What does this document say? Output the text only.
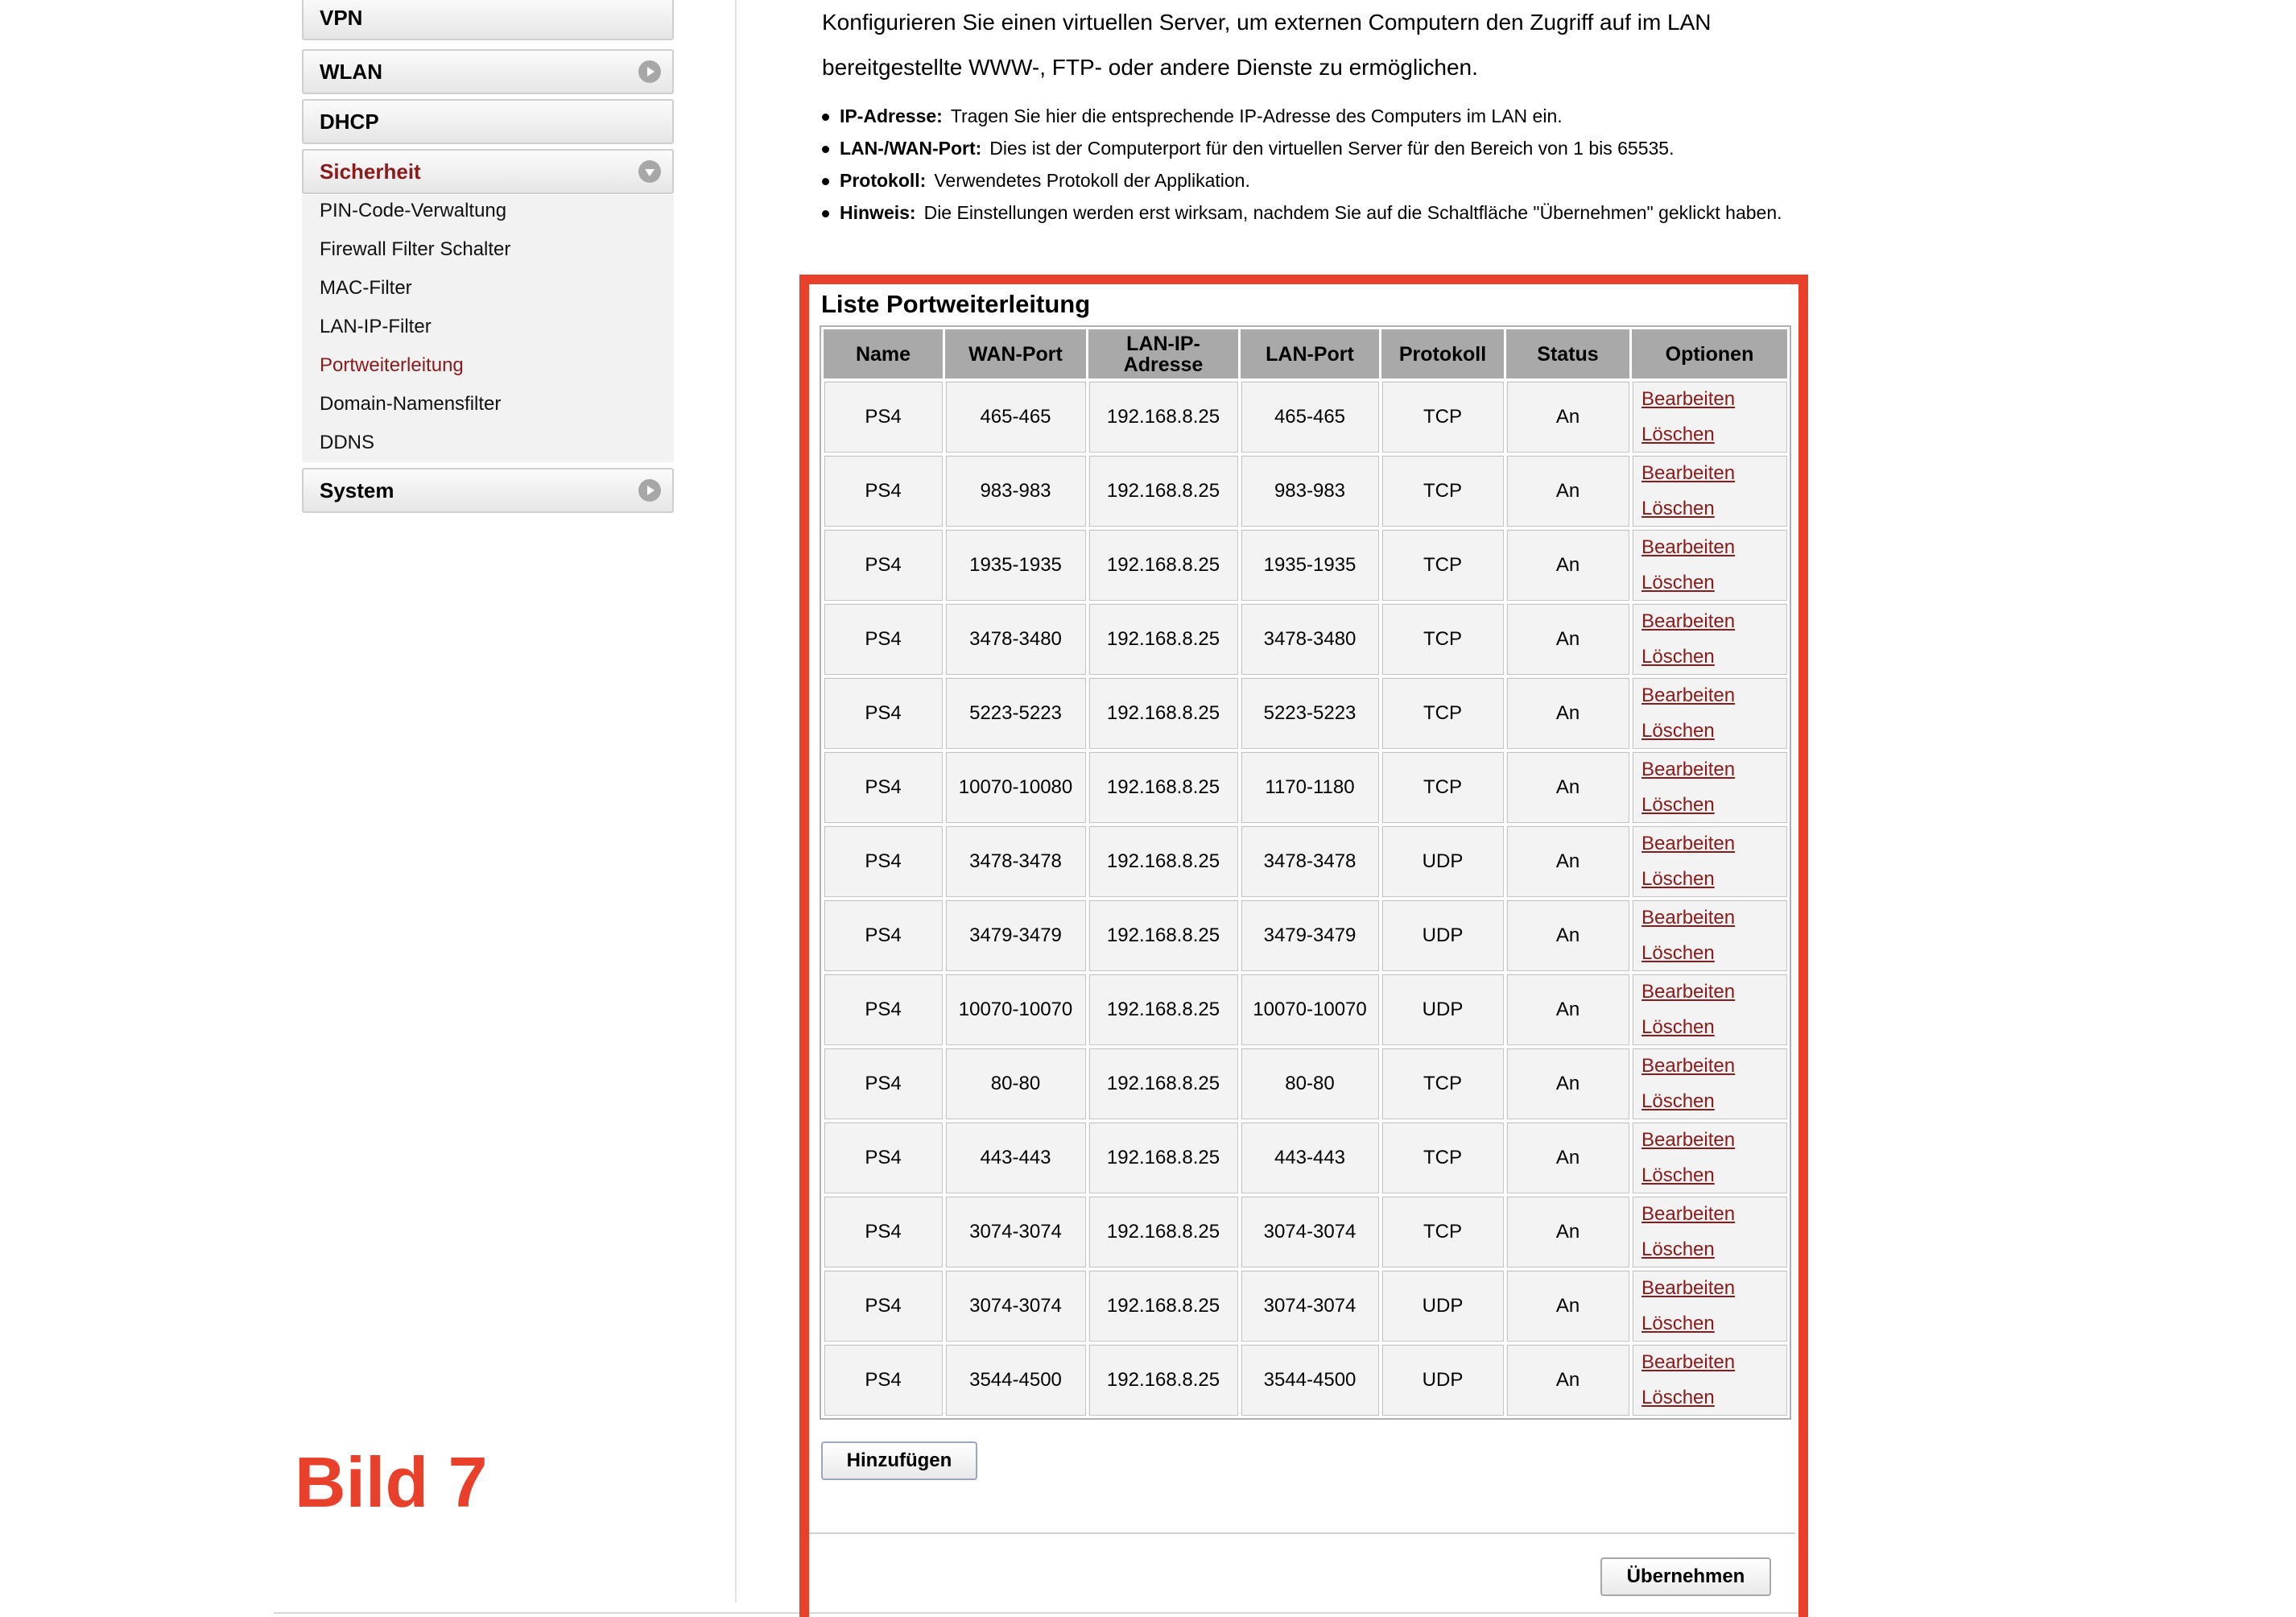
VPN
WLAN
DHCP
Sicherheit
PIN-Code-Verwaltung
Firewall Filter Schalter
MAC-Filter
LAN-IP-Filter
Portweiterleitung
Domain-Namensfilter
DDNS
System
Bild 7
Konfigurieren Sie einen virtuellen Server, um externen Computern den Zugriff auf im LAN
bereitgestellte WWW-, FTP- oder andere Dienste zu ermöglichen.
IP-Adresse: Tragen Sie hier die entsprechende IP-Adresse des Computers im LAN ein.
LAN-/WAN-Port: Dies ist der Computerport für den virtuellen Server für den Bereich von 1 bis 65535.
Protokoll: Verwendetes Protokoll der Applikation.
Hinweis: Die Einstellungen werden erst wirksam, nachdem Sie auf die Schaltfläche "Übernehmen" geklickt haben.
Liste Portweiterleitung
Name	WAN-Port	LAN-IP-Adresse	LAN-Port	Protokoll	Status	Optionen
PS4	465-465	192.168.8.25	465-465	TCP	An	Bearbeiten
Löschen

PS4	983-983	192.168.8.25	983-983	TCP	An	Bearbeiten
Löschen

PS4	1935-1935	192.168.8.25	1935-1935	TCP	An	Bearbeiten
Löschen

PS4	3478-3480	192.168.8.25	3478-3480	TCP	An	Bearbeiten
Löschen

PS4	5223-5223	192.168.8.25	5223-5223	TCP	An	Bearbeiten
Löschen

PS4	10070-10080	192.168.8.25	1170-1180	TCP	An	Bearbeiten
Löschen

PS4	3478-3478	192.168.8.25	3478-3478	UDP	An	Bearbeiten
Löschen

PS4	3479-3479	192.168.8.25	3479-3479	UDP	An	Bearbeiten
Löschen

PS4	10070-10070	192.168.8.25	10070-10070	UDP	An	Bearbeiten
Löschen

PS4	80-80	192.168.8.25	80-80	TCP	An	Bearbeiten
Löschen

PS4	443-443	192.168.8.25	443-443	TCP	An	Bearbeiten
Löschen

PS4	3074-3074	192.168.8.25	3074-3074	TCP	An	Bearbeiten
Löschen

PS4	3074-3074	192.168.8.25	3074-3074	UDP	An	Bearbeiten
Löschen

PS4	3544-4500	192.168.8.25	3544-4500	UDP	An	Bearbeiten
Löschen
Hinzufügen
Übernehmen
